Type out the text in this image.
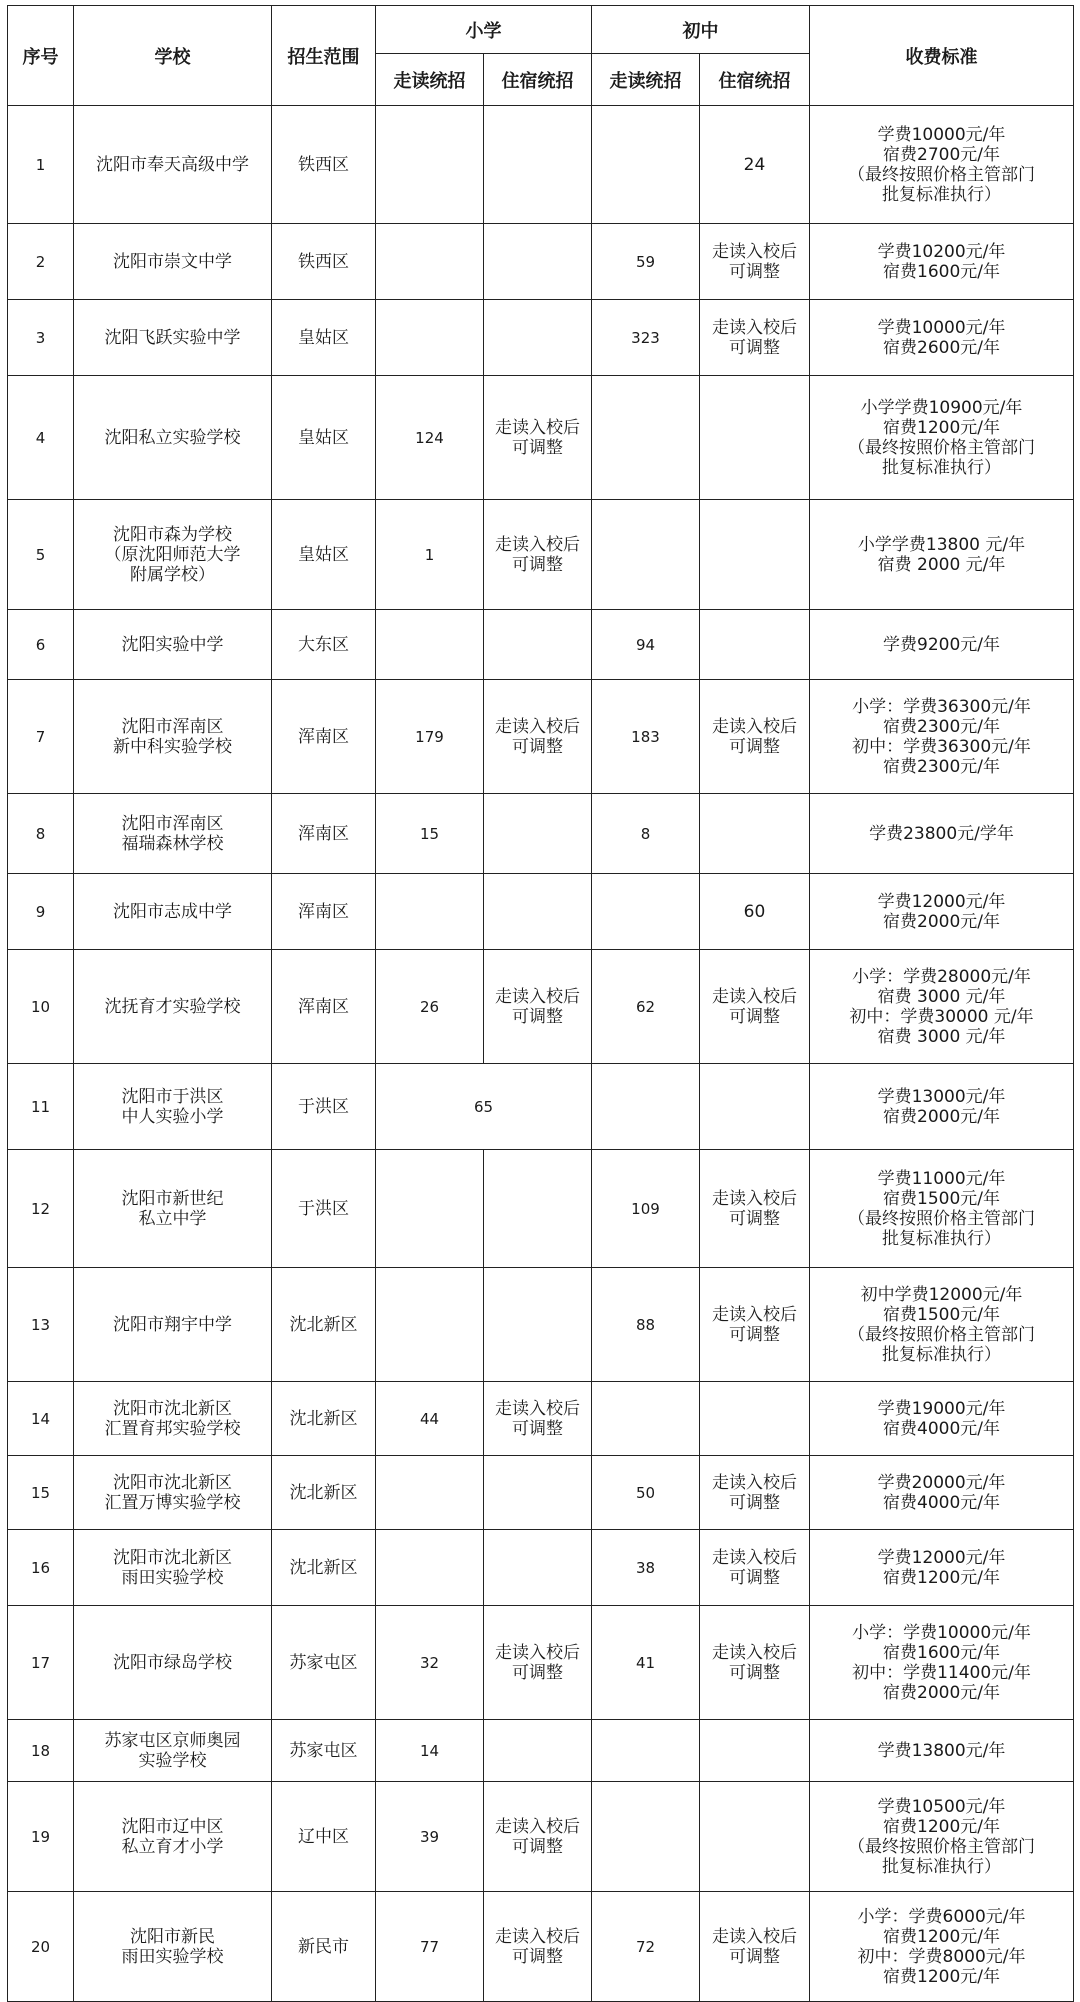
序号	学校	招生范围	小学		初中		收费标准
			走读统招	住宿统招	走读统招	住宿统招	
1	沈阳市奉天高级中学	铁西区				24	学费10000元/年
宿费2700元/年
（最终按照价格主管部门
批复标准执行）
2	沈阳市崇文中学	铁西区			59	走读入校后
可调整	学费10200元/年
宿费1600元/年
3	沈阳飞跃实验中学	皇姑区			323	走读入校后
可调整	学费10000元/年
宿费2600元/年
4	沈阳私立实验学校	皇姑区	124	走读入校后
可调整			小学学费10900元/年
宿费1200元/年
（最终按照价格主管部门
批复标准执行）
5	沈阳市森为学校
（原沈阳师范大学
附属学校）	皇姑区	1	走读入校后
可调整			小学学费13800 元/年
宿费 2000 元/年
6	沈阳实验中学	大东区			94		学费9200元/年
7	沈阳市浑南区
新中科实验学校	浑南区	179	走读入校后
可调整	183	走读入校后
可调整	小学：学费36300元/年
宿费2300元/年
初中：学费36300元/年
宿费2300元/年
8	沈阳市浑南区
福瑞森林学校	浑南区	15		8		学费23800元/学年
9	沈阳市志成中学	浑南区				60	学费12000元/年
宿费2000元/年
10	沈抚育才实验学校	浑南区	26	走读入校后
可调整	62	走读入校后
可调整	小学：学费28000元/年
宿费 3000 元/年
初中：学费30000 元/年
宿费 3000 元/年
11	沈阳市于洪区
中人实验小学	于洪区	65				学费13000元/年
宿费2000元/年
12	沈阳市新世纪
私立中学	于洪区			109	走读入校后
可调整	学费11000元/年
宿费1500元/年
（最终按照价格主管部门
批复标准执行）
13	沈阳市翔宇中学	沈北新区			88	走读入校后
可调整	初中学费12000元/年
宿费1500元/年
（最终按照价格主管部门
批复标准执行）
14	沈阳市沈北新区
汇置育邦实验学校	沈北新区	44	走读入校后
可调整			学费19000元/年
宿费4000元/年
15	沈阳市沈北新区
汇置万博实验学校	沈北新区			50	走读入校后
可调整	学费20000元/年
宿费4000元/年
16	沈阳市沈北新区
雨田实验学校	沈北新区			38	走读入校后
可调整	学费12000元/年
宿费1200元/年
17	沈阳市绿岛学校	苏家屯区	32	走读入校后
可调整	41	走读入校后
可调整	小学：学费10000元/年
宿费1600元/年
初中：学费11400元/年
宿费2000元/年
18	苏家屯区京师奥园
实验学校	苏家屯区	14				学费13800元/年
19	沈阳市辽中区
私立育才小学	辽中区	39	走读入校后
可调整			学费10500元/年
宿费1200元/年
（最终按照价格主管部门
批复标准执行）
20	沈阳市新民
雨田实验学校	新民市	77	走读入校后
可调整	72	走读入校后
可调整	小学：学费6000元/年
宿费1200元/年
初中：学费8000元/年
宿费1200元/年
